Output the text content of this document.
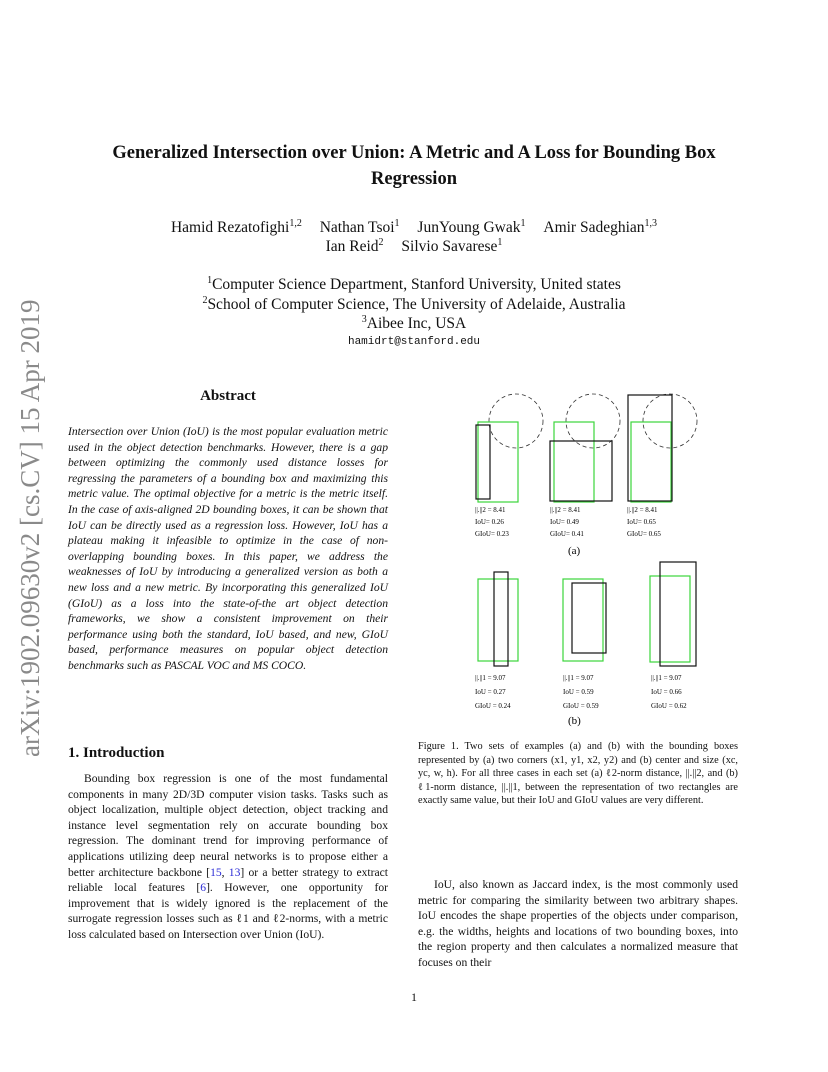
arXiv:1902.09630v2 [cs.CV] 15 Apr 2019
Generalized Intersection over Union: A Metric and A Loss for Bounding Box
Regression
Hamid Rezatofighi$^{1,2}$ Nathan Tsoi$^1$ JunYoung Gwak$^1$ Amir Sadeghian$^{1,3}$
Ian Reid$^2$ Silvio Savarese$^1$
$^1$Computer Science Department, Stanford University, United states
$^2$School of Computer Science, The University of Adelaide, Australia
$^3$Aibee Inc, USA
hamidrt@stanford.edu
Abstract
Intersection over Union (IoU) is the most popular evaluation metric used in the object detection benchmarks. However, there is a gap between optimizing the commonly used distance losses for regressing the parameters of a bounding box and maximizing this metric value. The optimal objective for a metric is the metric itself. In the case of axis-aligned 2D bounding boxes, it can be shown that IoU can be directly used as a regression loss. However, IoU has a plateau making it infeasible to optimize in the case of non-overlapping bounding boxes. In this paper, we address the weaknesses of IoU by introducing a generalized version as both a new loss and a new metric. By incorporating this generalized IoU (GIoU) as a loss into the state-of-the art object detection frameworks, we show a consistent improvement on their performance using both the standard, IoU based, and new, GIoU based, performance measures on popular object detection benchmarks such as PASCAL VOC and MS COCO.
1. Introduction
Bounding box regression is one of the most fundamental components in many 2D/3D computer vision tasks. Tasks such as object localization, multiple object detection, object tracking and instance level segmentation rely on accurate bounding box regression. The dominant trend for improving performance of applications utilizing deep neural networks is to propose either a better architecture backbone [15, 13] or a better strategy to extract reliable local features [6]. However, one opportunity for improvement that is widely ignored is the replacement of the surrogate regression losses such as ℓ1 and ℓ2-norms, with a metric loss calculated based on Intersection over Union (IoU).
||.||2 = 8.41
IoU= 0.26
GIoU= 0.23
||.||2 = 8.41
IoU= 0.49
GIoU= 0.41
||.||2 = 8.41
IoU= 0.65
GIoU= 0.65
(a)
||.||1 = 9.07
IoU = 0.27
GIoU = 0.24
||.||1 = 9.07
IoU = 0.59
GIoU = 0.59
||.||1 = 9.07
IoU = 0.66
GIoU = 0.62
(b)
Figure 1. Two sets of examples (a) and (b) with the bounding boxes represented by (a) two corners (x1, y1, x2, y2) and (b) center and size (xc, yc, w, h). For all three cases in each set (a) ℓ2-norm distance, ||.||2, and (b) ℓ1-norm distance, ||.||1, between the representation of two rectangles are exactly same value, but their IoU and GIoU values are very different.
IoU, also known as Jaccard index, is the most commonly used metric for comparing the similarity between two arbitrary shapes. IoU encodes the shape properties of the objects under comparison, e.g. the widths, heights and locations of two bounding boxes, into the region property and then calculates a normalized measure that focuses on their
1
